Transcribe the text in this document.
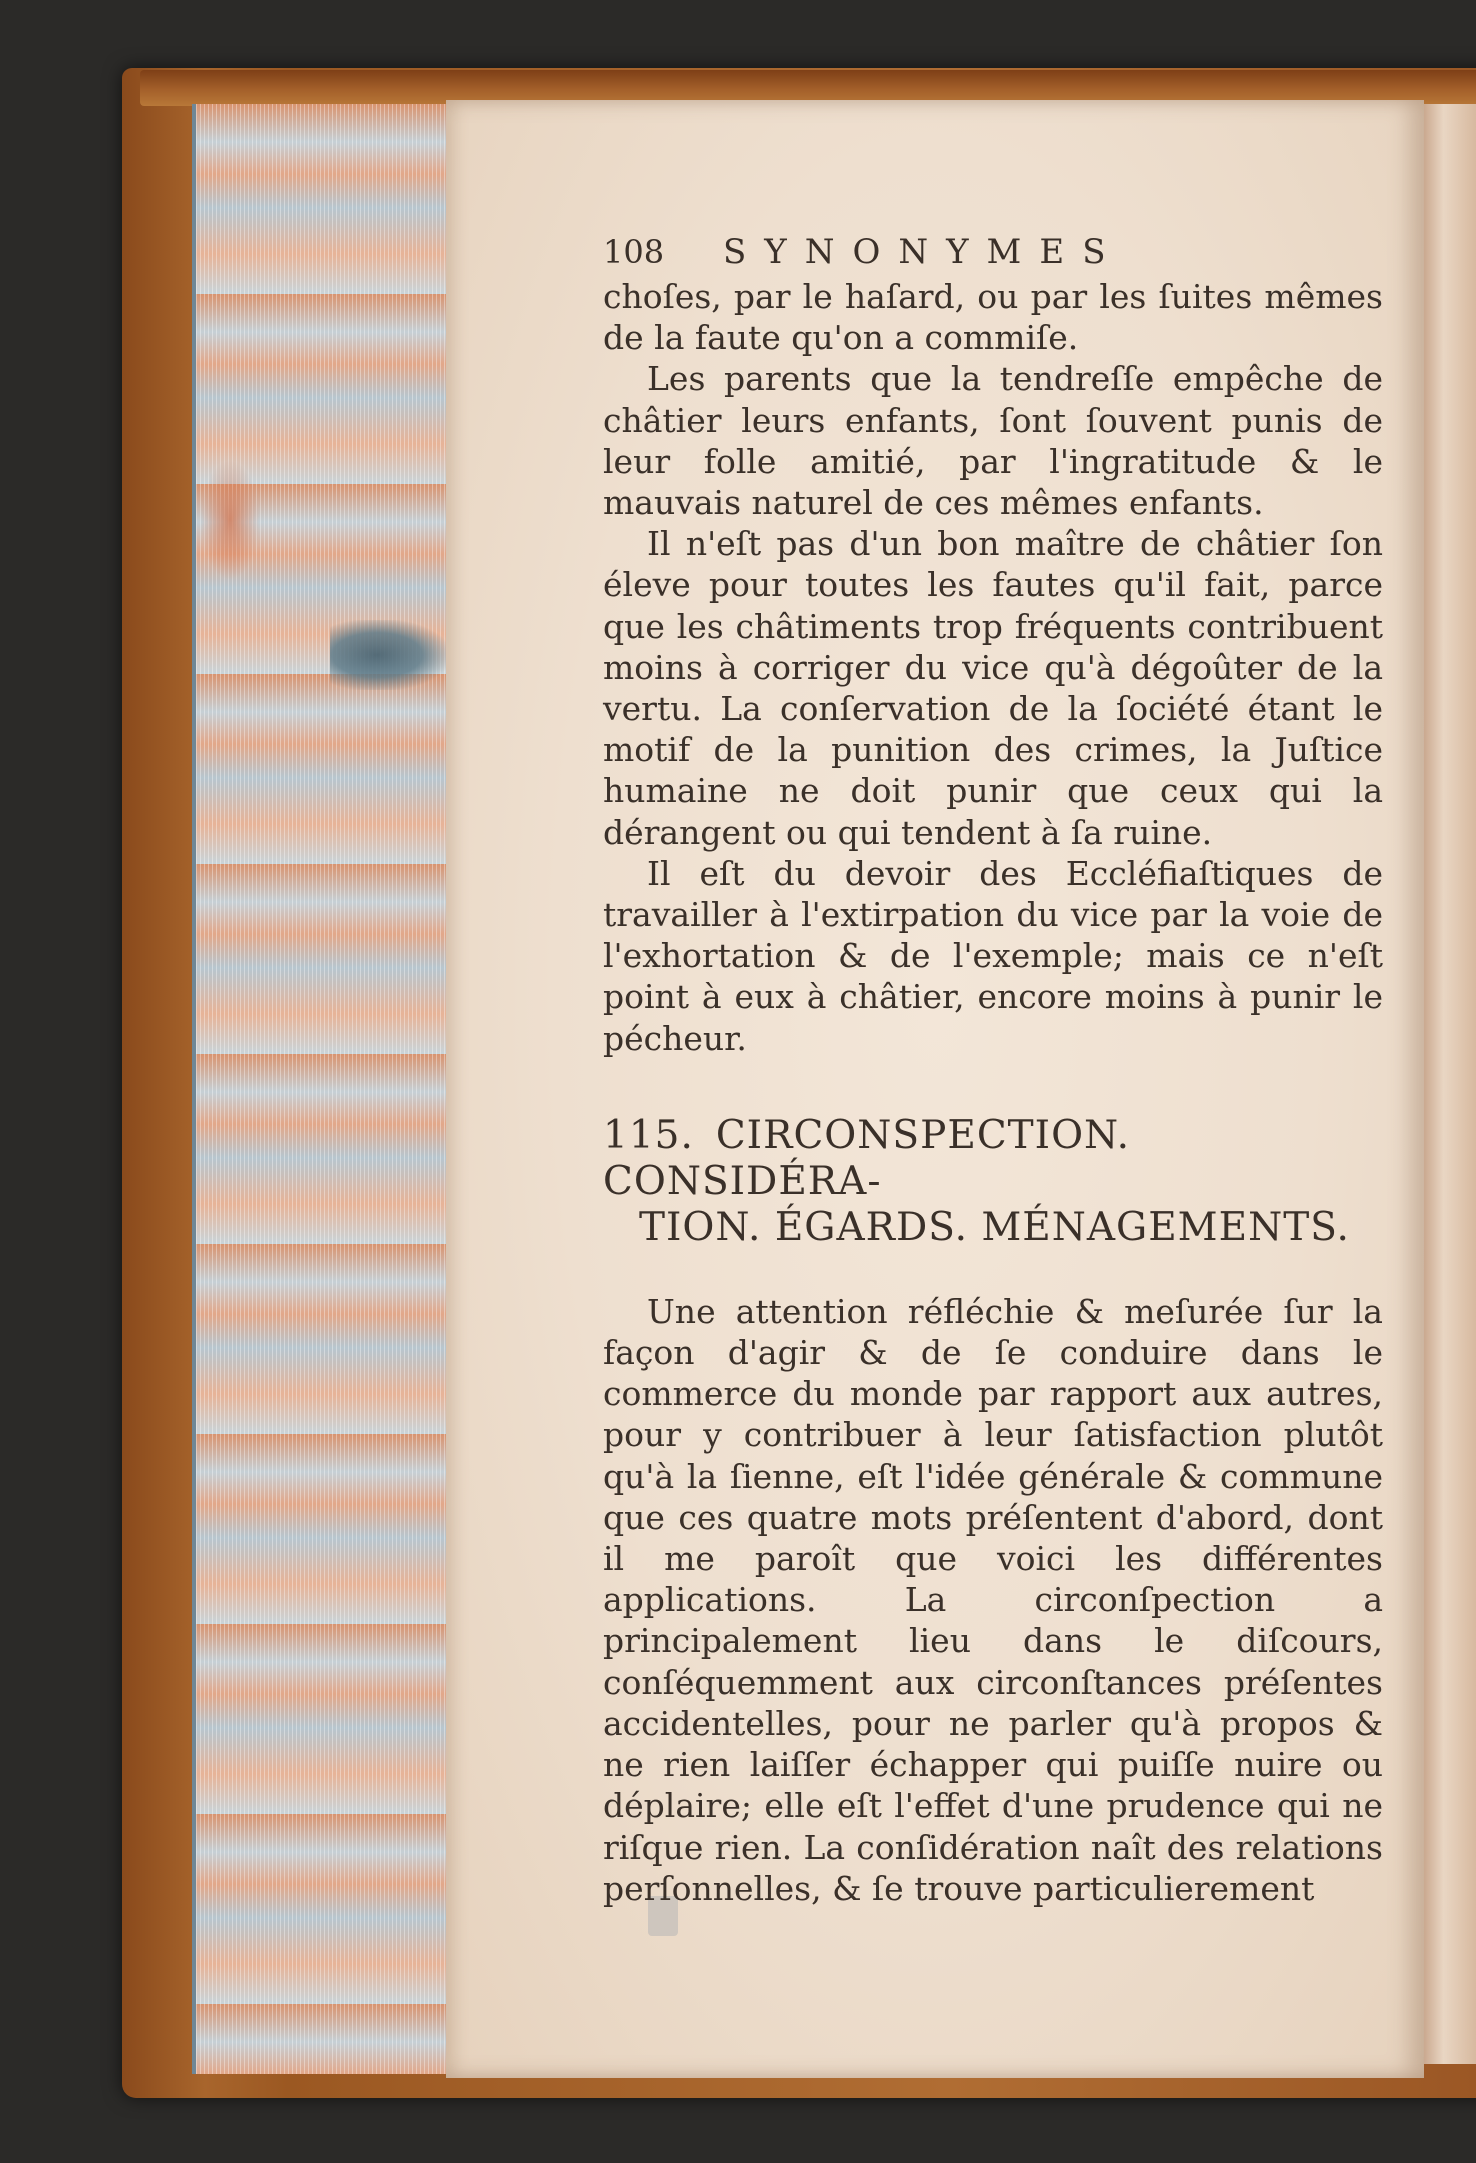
108	SYNONYMES

choſes, par le haſard, ou par les ſuites mêmes de la faute qu'on a commiſe.

Les parents que la tendreſſe empêche de châtier leurs enfants, ſont ſouvent punis de leur folle amitié, par l'ingratitude & le mauvais naturel de ces mêmes enfants.

Il n'eſt pas d'un bon maître de châtier ſon éleve pour toutes les fautes qu'il fait, parce que les châtiments trop fréquents contribuent moins à corriger du vice qu'à dégoûter de la vertu. La conſervation de la ſociété étant le motif de la punition des crimes, la Juſtice humaine ne doit punir que ceux qui la dérangent ou qui tendent à ſa ruine.

Il eſt du devoir des Eccléfiaſtiques de travailler à l'extirpation du vice par la voie de l'exhortation & de l'exemple; mais ce n'eſt point à eux à châtier, encore moins à punir le pécheur.

115. CIRCONSPECTION. CONSIDÉRA-
TION. ÉGARDS. MÉNAGEMENTS.

Une attention réfléchie & meſurée ſur la façon d'agir & de ſe conduire dans le commerce du monde par rapport aux autres, pour y contribuer à leur ſatisfaction plutôt qu'à la ſienne, eſt l'idée générale & commune que ces quatre mots préſentent d'abord, dont il me paroît que voici les différentes applications. La circonſpection a principalement lieu dans le diſcours, conſéquemment aux circonſtances préſentes accidentelles, pour ne parler qu'à propos & ne rien laiſſer échapper qui puiſſe nuire ou déplaire; elle eſt l'effet d'une prudence qui ne riſque rien. La conſidération naît des relations perſonnelles, & ſe trouve particulierement
